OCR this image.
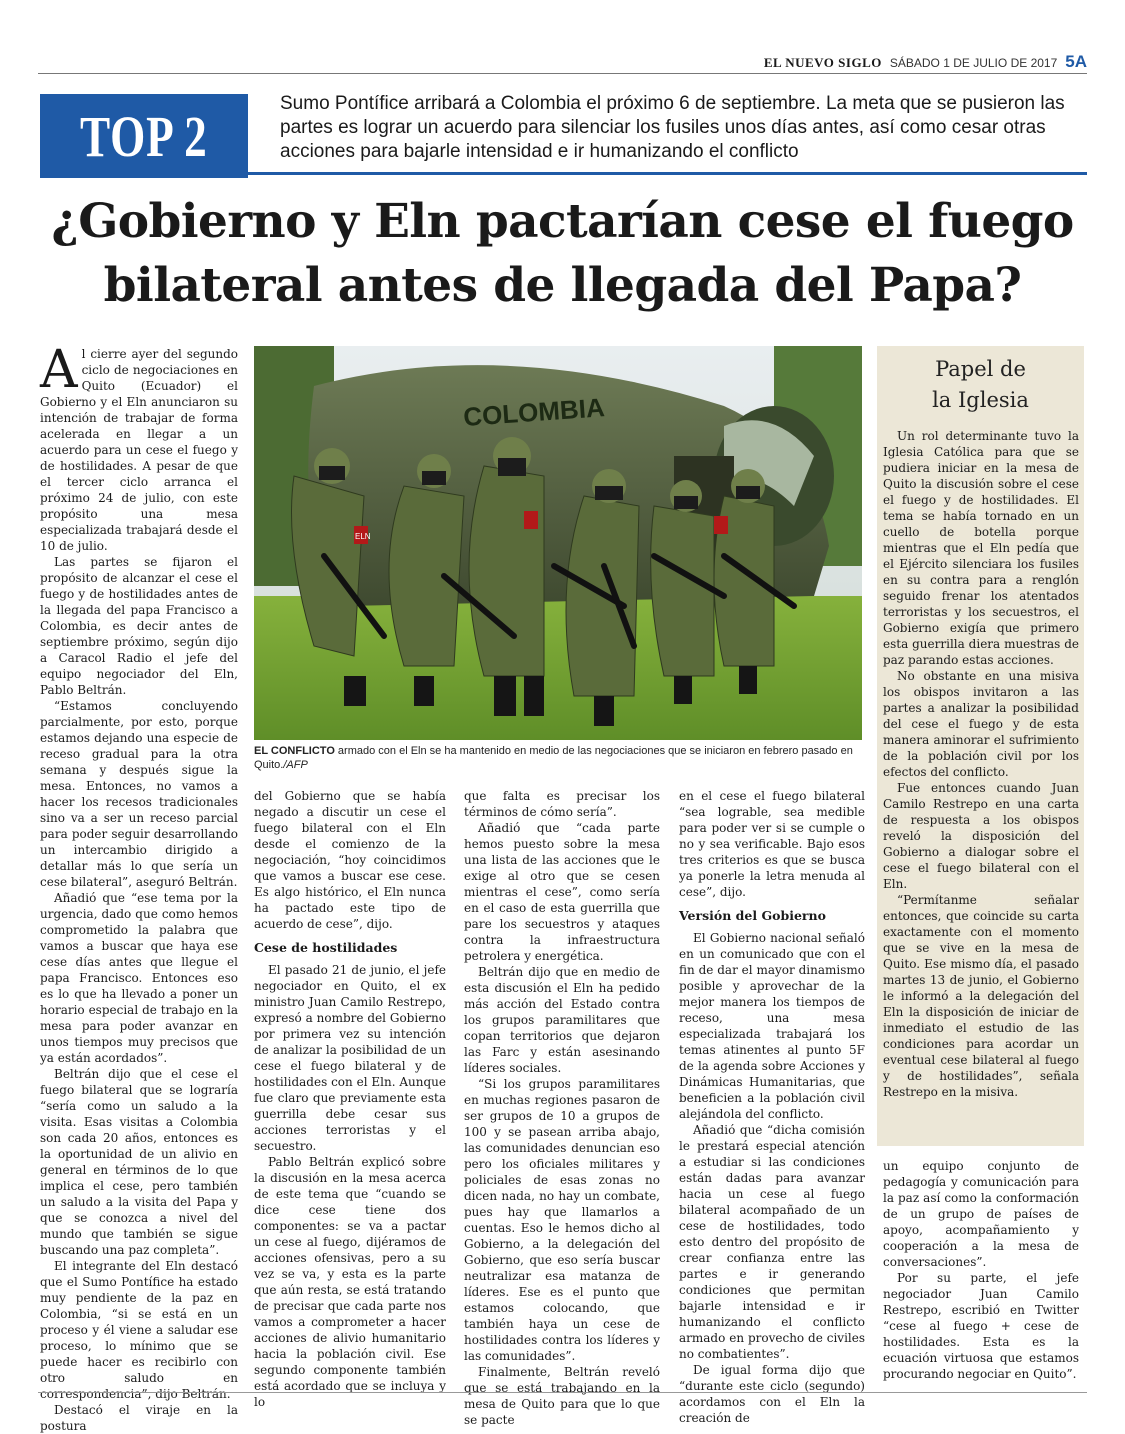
EL NUEVO SIGLO SÁBADO 1 DE JULIO DE 2017 5A
TOP 2	Sumo Pontífice arribará a Colombia el próximo 6 de septiembre. La meta que se pusieron las partes es lograr un acuerdo para silenciar los fusiles unos días antes, así como cesar otras acciones para bajarle intensidad e ir humanizando el conflicto
¿Gobierno y Eln pactarían cese el fuego
bilateral antes de llegada del Papa?

Al cierre ayer del segundo ciclo de negociaciones en Quito (Ecuador) el Gobierno y el Eln anunciaron su intención de trabajar de forma acelerada en llegar a un acuerdo para un cese el fuego y de hostilidades. A pesar de que el tercer ciclo arranca el próximo 24 de julio, con este propósito una mesa especializada trabajará desde el 10 de julio.

Las partes se fijaron el propósito de alcanzar el cese el fuego y de hostilidades antes de la llegada del papa Francisco a Colombia, es decir antes de septiembre próximo, según dijo a Caracol Radio el jefe del equipo negociador del Eln, Pablo Beltrán.

“Estamos concluyendo parcialmente, por esto, porque estamos dejando una especie de receso gradual para la otra semana y después sigue la mesa. Entonces, no vamos a hacer los recesos tradicionales sino va a ser un receso parcial para poder seguir desarrollando un intercambio dirigido a detallar más lo que sería un cese bilateral”, aseguró Beltrán.

Añadió que “ese tema por la urgencia, dado que como hemos comprometido la palabra que vamos a buscar que haya ese cese días antes que llegue el papa Francisco. Entonces eso es lo que ha llevado a poner un horario especial de trabajo en la mesa para poder avanzar en unos tiempos muy precisos que ya están acordados”.

Beltrán dijo que el cese el fuego bilateral que se lograría “sería como un saludo a la visita. Esas visitas a Colombia son cada 20 años, entonces es la oportunidad de un alivio en general en términos de lo que implica el cese, pero también un saludo a la visita del Papa y que se conozca a nivel del mundo que también se sigue buscando una paz completa”.

El integrante del Eln destacó que el Sumo Pontífice ha estado muy pendiente de la paz en Colombia, “si se está en un proceso y él viene a saludar ese proceso, lo mínimo que se puede hacer es recibirlo con otro saludo en correspondencia”, dijo Beltrán.

Destacó el viraje en la postura

COLOMBIA
ELN
EL CONFLICTO armado con el Eln se ha mantenido en medio de las negociaciones que se iniciaron en febrero pasado en Quito./AFP

del Gobierno que se había negado a discutir un cese el fuego bilateral con el Eln desde el comienzo de la negociación, “hoy coincidimos que vamos a buscar ese cese. Es algo histórico, el Eln nunca ha pactado este tipo de acuerdo de cese”, dijo.

Cese de hostilidades

El pasado 21 de junio, el jefe negociador en Quito, el ex ministro Juan Camilo Restrepo, expresó a nombre del Gobierno por primera vez su intención de analizar la posibilidad de un cese el fuego bilateral y de hostilidades con el Eln. Aunque fue claro que previamente esta guerrilla debe cesar sus acciones terroristas y el secuestro.

Pablo Beltrán explicó sobre la discusión en la mesa acerca de este tema que “cuando se dice cese tiene dos componentes: se va a pactar un cese al fuego, dijéramos de acciones ofensivas, pero a su vez se va, y esta es la parte que aún resta, se está tratando de precisar que cada parte nos vamos a comprometer a hacer acciones de alivio humanitario hacia la población civil. Ese segundo componente también está acordado que se incluya y lo

que falta es precisar los términos de cómo sería”.

Añadió que “cada parte hemos puesto sobre la mesa una lista de las acciones que le exige al otro que se cesen mientras el cese”, como sería en el caso de esta guerrilla que pare los secuestros y ataques contra la infraestructura petrolera y energética.

Beltrán dijo que en medio de esta discusión el Eln ha pedido más acción del Estado contra los grupos paramilitares que copan territorios que dejaron las Farc y están asesinando líderes sociales.

“Si los grupos paramilitares en muchas regiones pasaron de ser grupos de 10 a grupos de 100 y se pasean arriba abajo, las comunidades denuncian eso pero los oficiales militares y policiales de esas zonas no dicen nada, no hay un combate, pues hay que llamarlos a cuentas. Eso le hemos dicho al Gobierno, a la delegación del Gobierno, que eso sería buscar neutralizar esa matanza de líderes. Ese es el punto que estamos colocando, que también haya un cese de hostilidades contra los líderes y las comunidades”.

Finalmente, Beltrán reveló que se está trabajando en la mesa de Quito para que lo que se pacte

en el cese el fuego bilateral “sea lograble, sea medible para poder ver si se cumple o no y sea verificable. Bajo esos tres criterios es que se busca ya ponerle la letra menuda al cese”, dijo.

Versión del Gobierno

El Gobierno nacional señaló en un comunicado que con el fin de dar el mayor dinamismo posible y aprovechar de la mejor manera los tiempos de receso, una mesa especializada trabajará los temas atinentes al punto 5F de la agenda sobre Acciones y Dinámicas Humanitarias, que beneficien a la población civil alejándola del conflicto.

Añadió que “dicha comisión le prestará especial atención a estudiar si las condiciones están dadas para avanzar hacia un cese al fuego bilateral acompañado de un cese de hostilidades, todo esto dentro del propósito de crear confianza entre las partes e ir generando condiciones que permitan bajarle intensidad e ir humanizando el conflicto armado en provecho de civiles no combatientes”.

De igual forma dijo que “durante este ciclo (segundo) acordamos con el Eln la creación de

Papel de
la Iglesia

Un rol determinante tuvo la Iglesia Católica para que se pudiera iniciar en la mesa de Quito la discusión sobre el cese el fuego y de hostilidades. El tema se había tornado en un cuello de botella porque mientras que el Eln pedía que el Ejército silenciara los fusiles en su contra para a renglón seguido frenar los atentados terroristas y los secuestros, el Gobierno exigía que primero esta guerrilla diera muestras de paz parando estas acciones.

No obstante en una misiva los obispos invitaron a las partes a analizar la posibilidad del cese el fuego y de esta manera aminorar el sufrimiento de la población civil por los efectos del conflicto.

Fue entonces cuando Juan Camilo Restrepo en una carta de respuesta a los obispos reveló la disposición del Gobierno a dialogar sobre el cese el fuego bilateral con el Eln.

“Permítanme señalar entonces, que coincide su carta exactamente con el momento que se vive en la mesa de Quito. Ese mismo día, el pasado martes 13 de junio, el Gobierno le informó a la delegación del Eln la disposición de iniciar de inmediato el estudio de las condiciones para acordar un eventual cese bilateral al fuego y de hostilidades”, señala Restrepo en la misiva.

un equipo conjunto de pedagogía y comunicación para la paz así como la conformación de un grupo de países de apoyo, acompañamiento y cooperación a la mesa de conversaciones”.

Por su parte, el jefe negociador Juan Camilo Restrepo, escribió en Twitter “cese al fuego + cese de hostilidades. Esta es la ecuación virtuosa que estamos procurando negociar en Quito”.
